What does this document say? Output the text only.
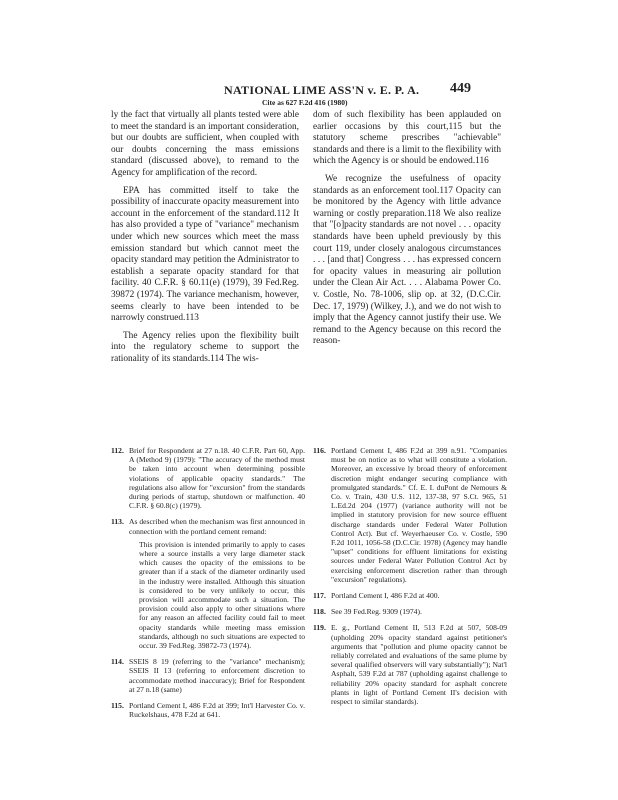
NATIONAL LIME ASS'N v. E. P. A. 449
Cite as 627 F.2d 416 (1980)

ly the fact that virtually all plants tested were able to meet the standard is an important consideration, but our doubts are sufficient, when coupled with our doubts concerning the mass emissions standard (discussed above), to remand to the Agency for amplification of the record.

EPA has committed itself to take the possibility of inaccurate opacity measurement into account in the enforcement of the standard.112 It has also provided a type of "variance" mechanism under which new sources which meet the mass emission standard but which cannot meet the opacity standard may petition the Administrator to establish a separate opacity standard for that facility. 40 C.F.R. § 60.11(e) (1979), 39 Fed.Reg. 39872 (1974). The variance mechanism, however, seems clearly to have been intended to be narrowly construed.113

The Agency relies upon the flexibility built into the regulatory scheme to support the rationality of its standards.114 The wis-

dom of such flexibility has been applauded on earlier occasions by this court,115 but the statutory scheme prescribes "achievable" standards and there is a limit to the flexibility with which the Agency is or should be endowed.116

We recognize the usefulness of opacity standards as an enforcement tool.117 Opacity can be monitored by the Agency with little advance warning or costly preparation.118 We also realize that "[o]pacity standards are not novel . . . opacity standards have been upheld previously by this court 119, under closely analogous circumstances . . . [and that] Congress . . . has expressed concern for opacity values in measuring air pollution under the Clean Air Act. . . . Alabama Power Co. v. Costle, No. 78-1006, slip op. at 32, (D.C.Cir. Dec. 17, 1979) (Wilkey, J.), and we do not wish to imply that the Agency cannot justify their use. We remand to the Agency because on this record the reason-

112. Brief for Respondent at 27 n.18. 40 C.F.R. Part 60, App. A (Method 9) (1979): "The accuracy of the method must be taken into account when determining possible violations of applicable opacity standards." The regulations also allow for "excursion" from the standards during periods of startup, shutdown or malfunction. 40 C.F.R. § 60.8(c) (1979).
113. As described when the mechanism was first announced in connection with the portland cement remand:
This provision is intended primarily to apply to cases where a source installs a very large diameter stack which causes the opacity of the emissions to be greater than if a stack of the diameter ordinarily used in the industry were installed. Although this situation is considered to be very unlikely to occur, this provision will accommodate such a situation. The provision could also apply to other situations where for any reason an affected facility could fail to meet opacity standards while meeting mass emission standards, although no such situations are expected to occur. 39 Fed.Reg. 39872-73 (1974).
114. SSEIS 8 19 (referring to the "variance" mechanism); SSEIS II 13 (referring to enforcement discretion to accommodate method inaccuracy); Brief for Respondent at 27 n.18 (same)
115. Portland Cement I, 486 F.2d at 399; Int'l Harvester Co. v. Ruckelshaus, 478 F.2d at 641.
116. Portland Cement I, 486 F.2d at 399 n.91. "Companies must be on notice as to what will constitute a violation. Moreover, an excessive ly broad theory of enforcement discretion might endanger securing compliance with promulgated standards." Cf. E. I. duPont de Nemours & Co. v. Train, 430 U.S. 112, 137-38, 97 S.Ct. 965, 51 L.Ed.2d 204 (1977) (variance authority will not be implied in statutory provision for new source effluent discharge standards under Federal Water Pollution Control Act). But cf. Weyerhaeuser Co. v. Costle, 590 F.2d 1011, 1056-58 (D.C.Cir. 1978) (Agency may handle "upset" conditions for effluent limitations for existing sources under Federal Water Pollution Control Act by exercising enforcement discretion rather than through "excursion" regulations).
117. Portland Cement I, 486 F.2d at 400.
118. See 39 Fed.Reg. 9309 (1974).
119. E. g., Portland Cement II, 513 F.2d at 507, 508-09 (upholding 20% opacity standard against petitioner's arguments that "pollution and plume opacity cannot be reliably correlated and evaluations of the same plume by several qualified observers will vary substantially"); Nat'l Asphalt, 539 F.2d at 787 (upholding against challenge to reliability 20% opacity standard for asphalt concrete plants in light of Portland Cement II's decision with respect to similar standards).
